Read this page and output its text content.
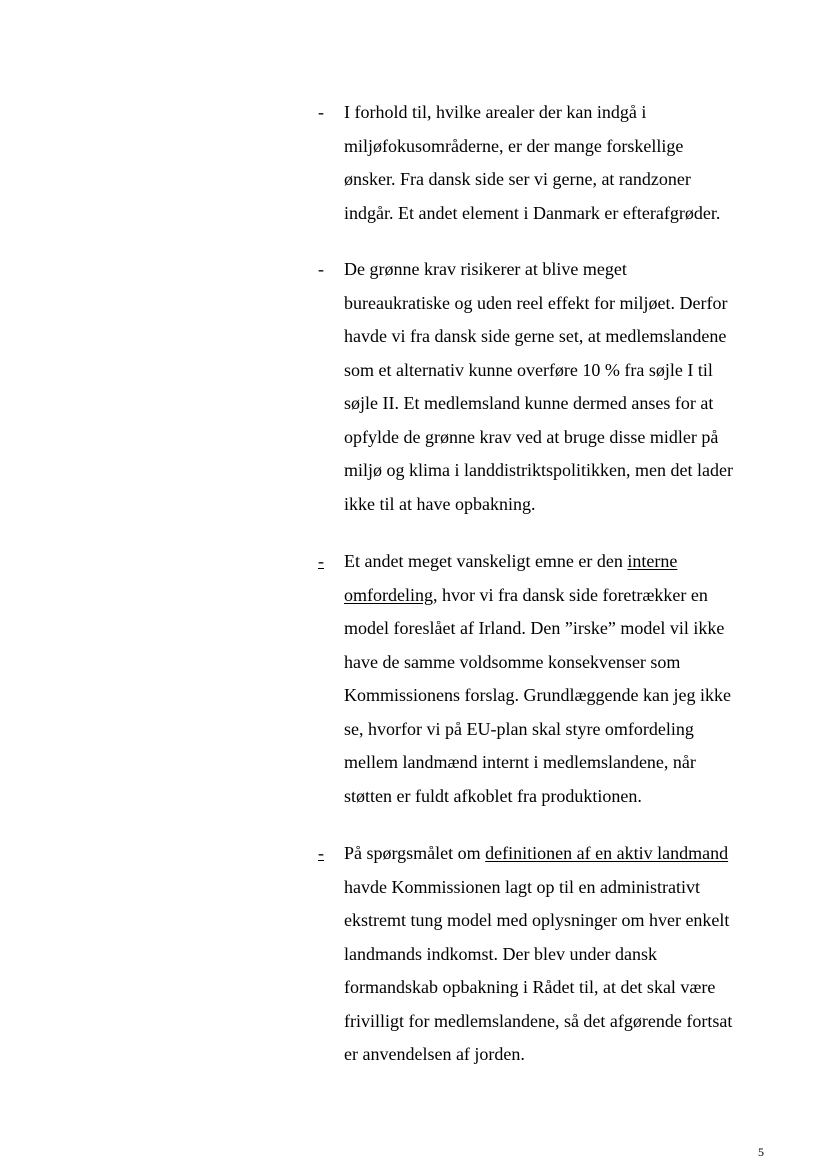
- I forhold til, hvilke arealer der kan indgå i
miljøfokusområderne, er der mange forskellige
ønsker. Fra dansk side ser vi gerne, at randzoner
indgår. Et andet element i Danmark er efterafgrøder.
- De grønne krav risikerer at blive meget
bureaukratiske og uden reel effekt for miljøet. Derfor
havde vi fra dansk side gerne set, at medlemslandene
som et alternativ kunne overføre 10 % fra søjle I til
søjle II. Et medlemsland kunne dermed anses for at
opfylde de grønne krav ved at bruge disse midler på
miljø og klima i landdistriktspolitikken, men det lader
ikke til at have opbakning.
- Et andet meget vanskeligt emne er den interne
omfordeling, hvor vi fra dansk side foretrækker en
model foreslået af Irland. Den ”irske” model vil ikke
have de samme voldsomme konsekvenser som
Kommissionens forslag. Grundlæggende kan jeg ikke
se, hvorfor vi på EU-plan skal styre omfordeling
mellem landmænd internt i medlemslandene, når
støtten er fuldt afkoblet fra produktionen.
- På spørgsmålet om definitionen af en aktiv landmand
havde Kommissionen lagt op til en administrativt
ekstremt tung model med oplysninger om hver enkelt
landmands indkomst. Der blev under dansk
formandskab opbakning i Rådet til, at det skal være
frivilligt for medlemslandene, så det afgørende fortsat
er anvendelsen af jorden.
5
